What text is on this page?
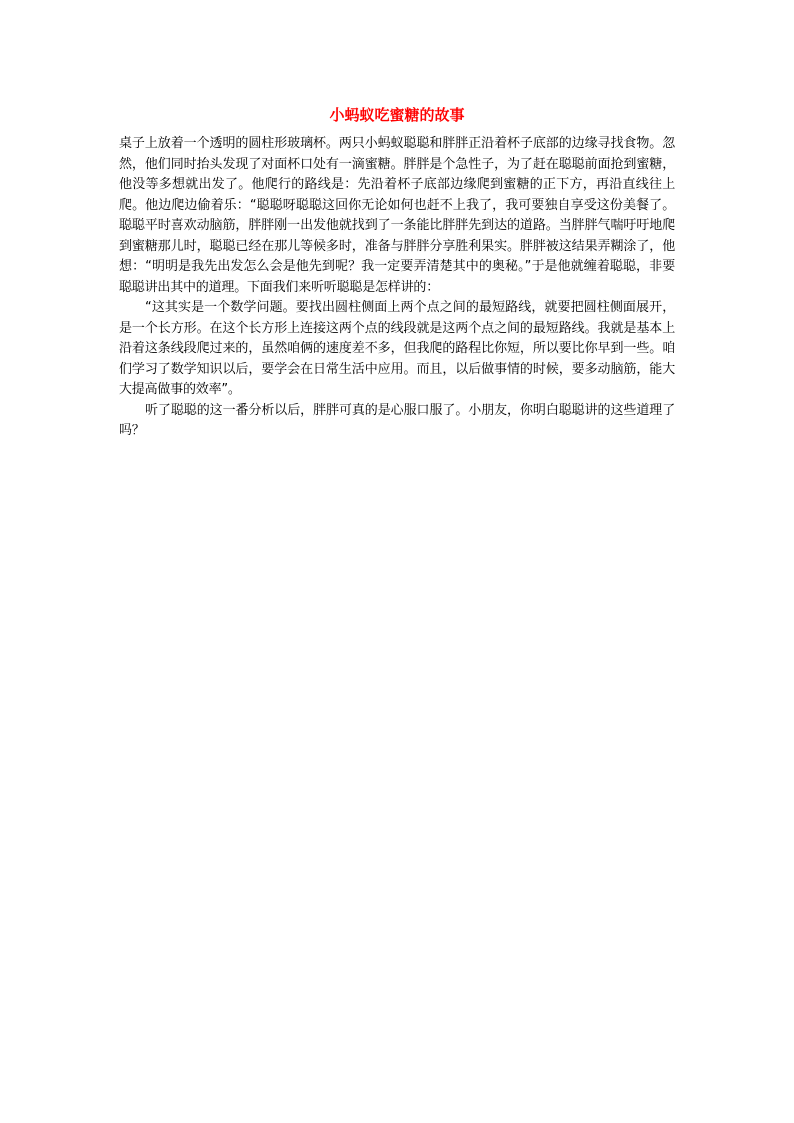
小蚂蚁吃蜜糖的故事

桌子上放着一个透明的圆柱形玻璃杯。两只小蚂蚁聪聪和胖胖正沿着杯子底部的边缘寻找食物。忽然，他们同时抬头发现了对面杯口处有一滴蜜糖。胖胖是个急性子，为了赶在聪聪前面抢到蜜糖，他没等多想就出发了。他爬行的路线是：先沿着杯子底部边缘爬到蜜糖的正下方，再沿直线往上爬。他边爬边偷着乐：“聪聪呀聪聪这回你无论如何也赶不上我了，我可要独自享受这份美餐了。聪聪平时喜欢动脑筋，胖胖刚一出发他就找到了一条能比胖胖先到达的道路。当胖胖气喘吁吁地爬到蜜糖那儿时，聪聪已经在那儿等候多时，准备与胖胖分享胜利果实。胖胖被这结果弄糊涂了，他想：“明明是我先出发怎么会是他先到呢？我一定要弄清楚其中的奥秘。”于是他就缠着聪聪，非要聪聪讲出其中的道理。下面我们来听听聪聪是怎样讲的：

“这其实是一个数学问题。要找出圆柱侧面上两个点之间的最短路线，就要把圆柱侧面展开，是一个长方形。在这个长方形上连接这两个点的线段就是这两个点之间的最短路线。我就是基本上沿着这条线段爬过来的，虽然咱俩的速度差不多，但我爬的路程比你短，所以要比你早到一些。咱们学习了数学知识以后，要学会在日常生活中应用。而且，以后做事情的时候，要多动脑筋，能大大提高做事的效率”。

听了聪聪的这一番分析以后，胖胖可真的是心服口服了。小朋友，你明白聪聪讲的这些道理了吗？
